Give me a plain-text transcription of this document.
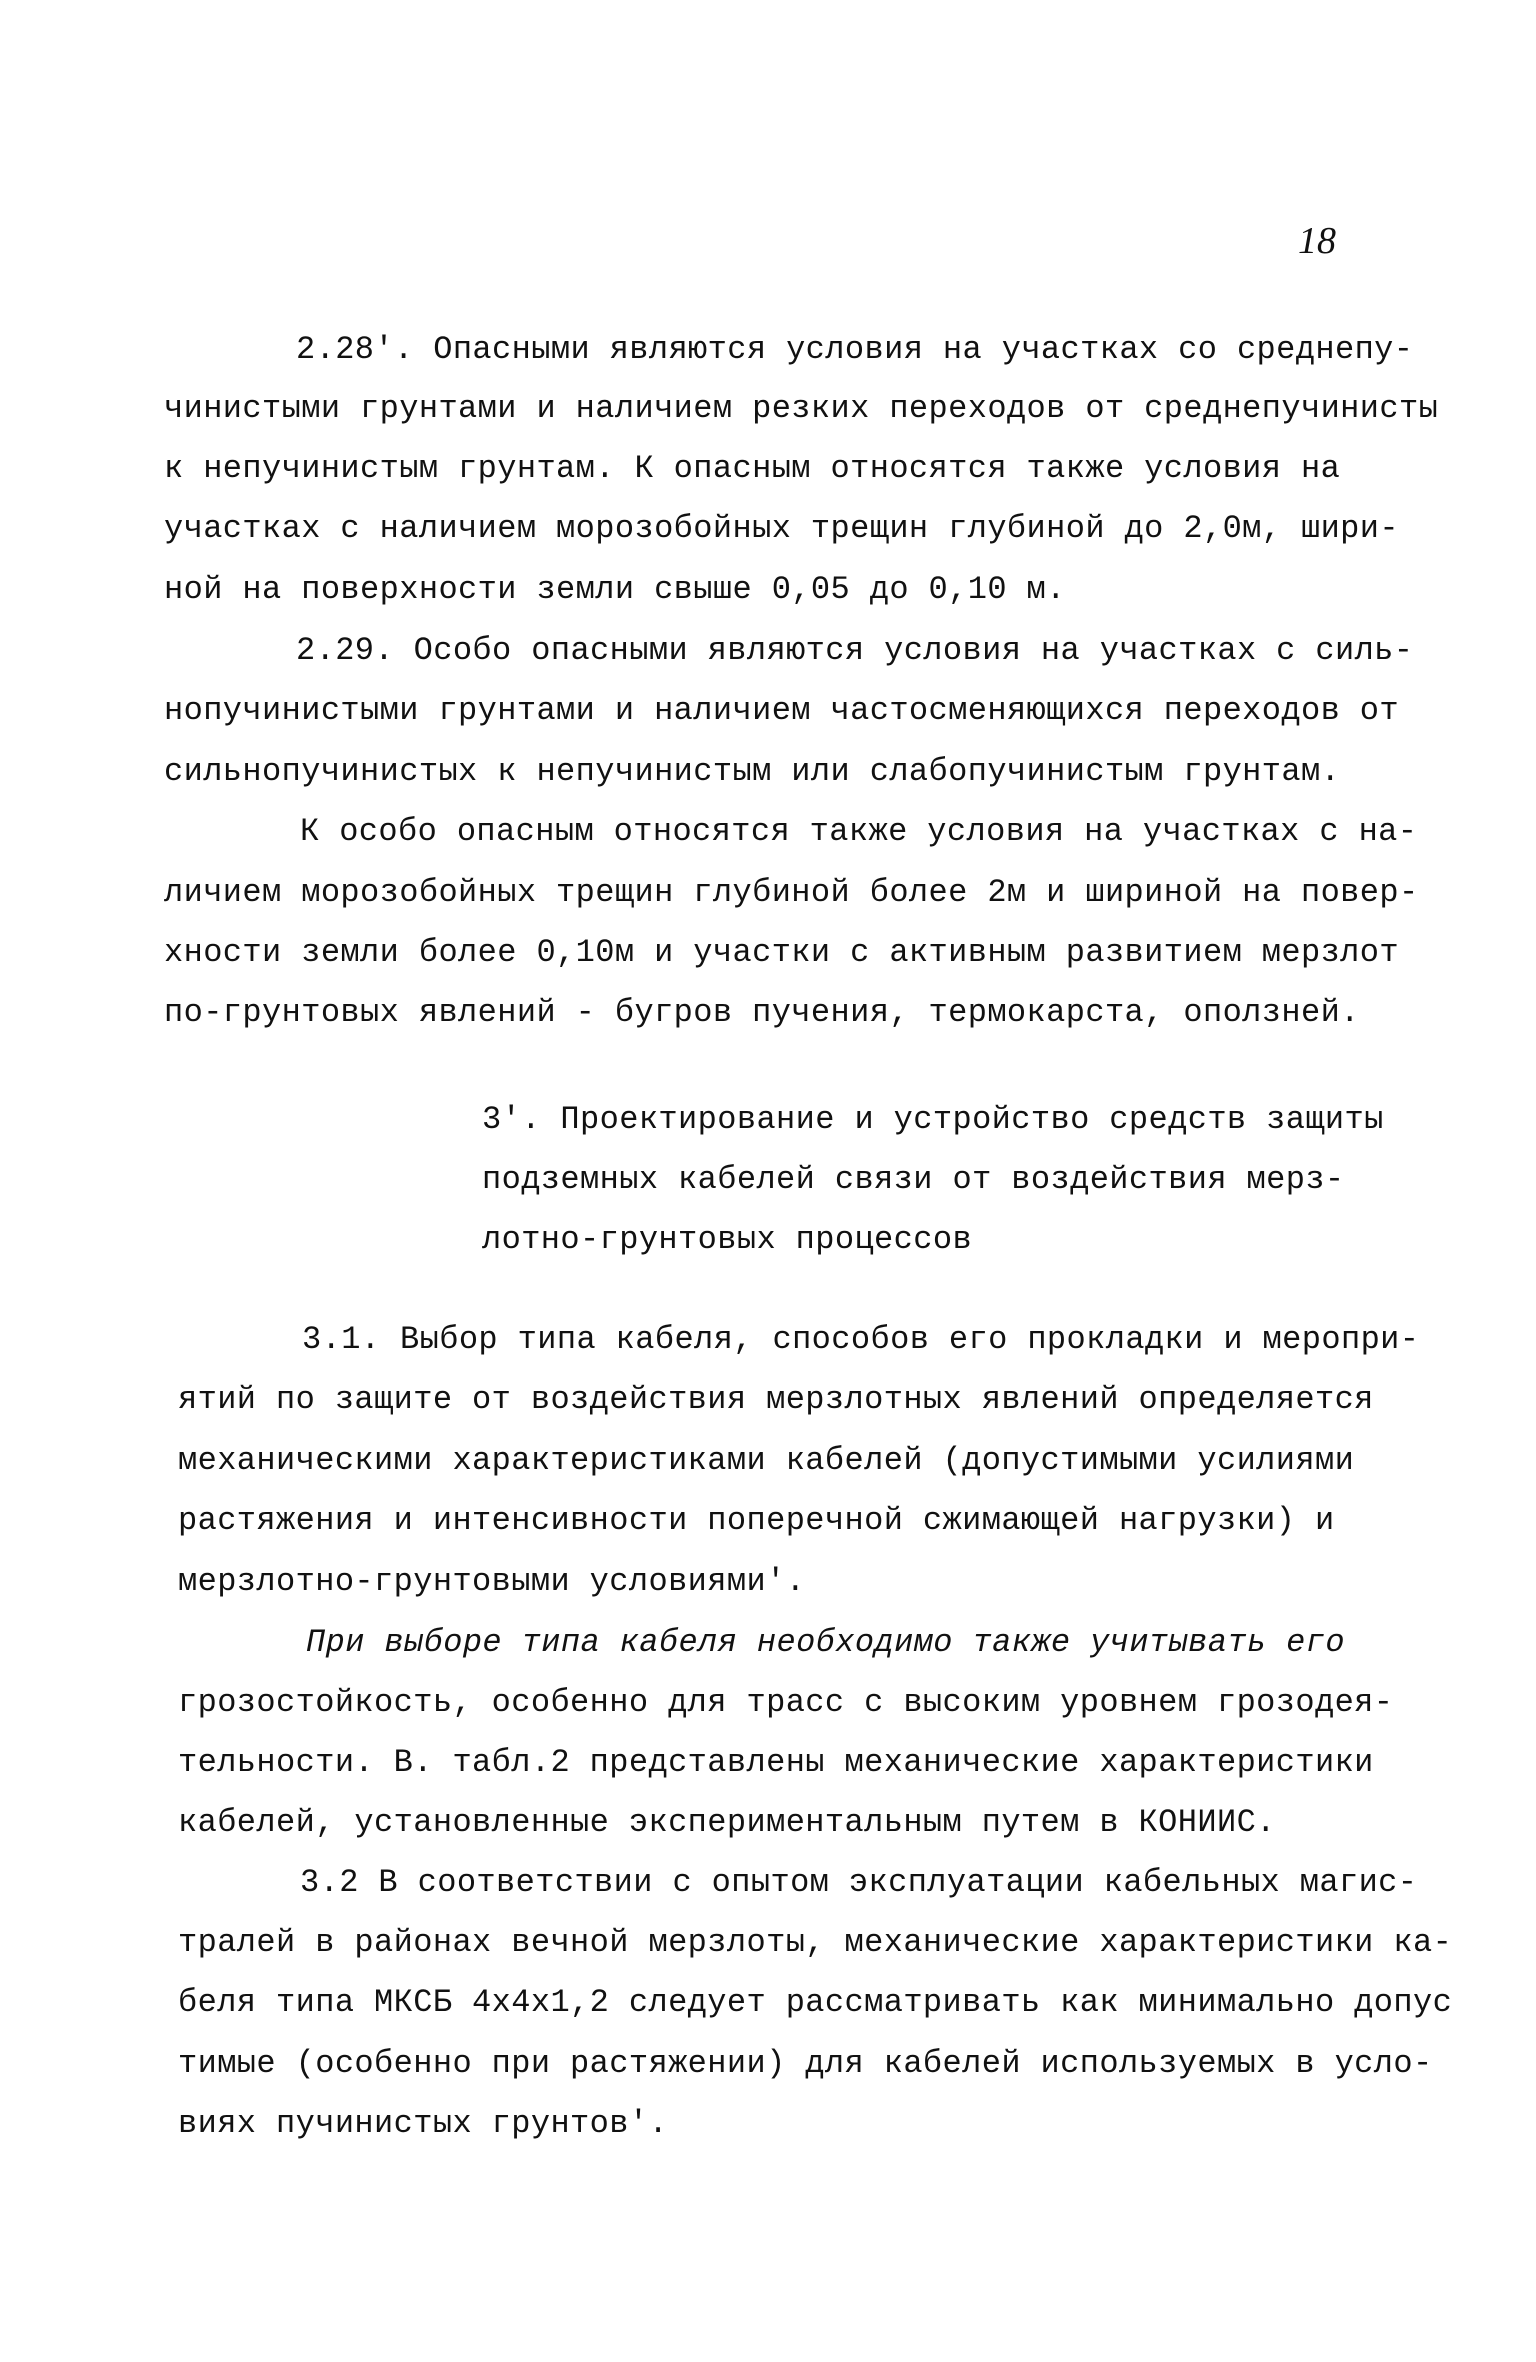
18
2.28'. Опасными являются условия на участках со среднепу-
чинистыми грунтами и наличием резких переходов от среднепучинисты
к непучинистым грунтам. К опасным относятся также условия на
участках с наличием морозобойных трещин глубиной до 2,0м, шири-
ной на поверхности земли свыше 0,05 до 0,10 м.
2.29. Особо опасными являются условия на участках с силь-
нопучинистыми грунтами и наличием частосменяющихся переходов от
сильнопучинистых к непучинистым или слабопучинистым грунтам.
К особо опасным относятся также условия на участках с на-
личием морозобойных трещин глубиной более 2м и шириной на повер-
хности земли более 0,10м и участки с активным развитием мерзлот
по-грунтовых явлений - бугров пучения, термокарста, оползней.
3'. Проектирование и устройство средств защиты
подземных кабелей связи от воздействия мерз-
лотно-грунтовых процессов
3.1. Выбор типа кабеля, способов его прокладки и меропри-
ятий по защите от воздействия мерзлотных явлений определяется
механическими характеристиками кабелей (допустимыми усилиями
растяжения и интенсивности поперечной сжимающей нагрузки) и
мерзлотно-грунтовыми условиями'.
При выборе типа кабеля необходимо также учитывать его
грозостойкость, особенно для трасс с высоким уровнем грозодея-
тельности. В. табл.2 представлены механические характеристики
кабелей, установленные экспериментальным путем в КОНИИС.
3.2 В соответствии с опытом эксплуатации кабельных магис-
тралей в районах вечной мерзлоты, механические характеристики ка-
беля типа МКСБ 4х4х1,2 следует рассматривать как минимально допус
тимые (особенно при растяжении) для кабелей используемых в усло-
виях пучинистых грунтов'.
